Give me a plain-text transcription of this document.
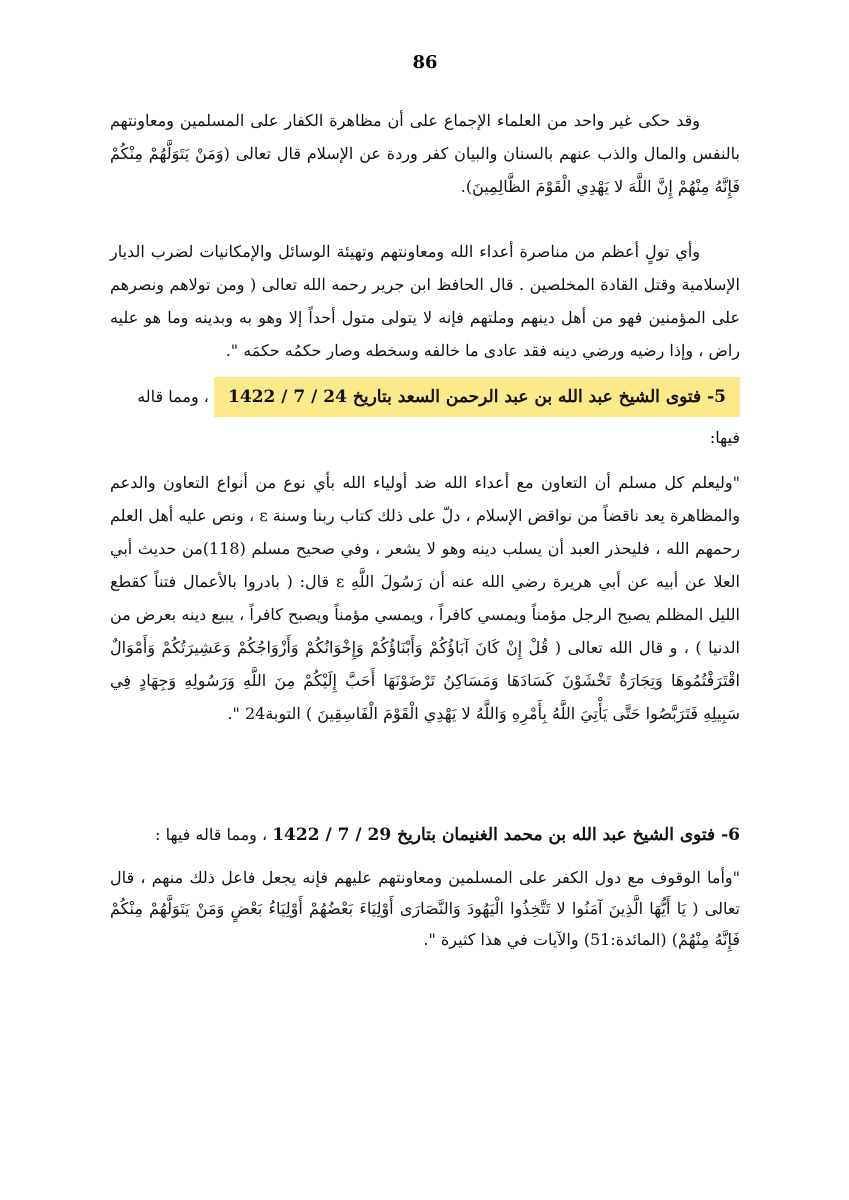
86

وقد حكى غير واحد من العلماء الإجماع على أن مظاهرة الكفار على المسلمين ومعاونتهم بالنفس والمال والذب عنهم بالسنان والبيان كفر وردة عن الإسلام قال تعالى (وَمَنْ يَتَوَلَّهُمْ مِنْكُمْ فَإِنَّهُ مِنْهُمْ إِنَّ اللَّهَ لا يَهْدِي الْقَوْمَ الظَّالِمِينَ).

وأي تولٍ أعظم من مناصرة أعداء الله ومعاونتهم وتهيئة الوسائل والإمكانيات لضرب الديار الإسلامية وقتل القادة المخلصين . قال الحافظ ابن جرير رحمه الله تعالى ( ومن تولاهم ونصرهم على المؤمنين فهو من أهل دينهم وملتهم فإنه لا يتولى متول أحداً إلا وهو به وبدينه وما هو عليه راض ، وإذا رضيه ورضي دينه فقد عادى ما خالفه وسخطه وصار حكمُه حكمَه ".

5- فتوى الشيخ عبد الله بن عبد الرحمن السعد بتاريخ 24 / 7 / 1422 ، ومما قاله
فيها:

"وليعلم كل مسلم أن التعاون مع أعداء الله ضد أولياء الله بأي نوع من أنواع التعاون والدعم والمظاهرة يعد ناقضاً من نواقض الإسلام ، دلّ على ذلك كتاب ربنا وسنة ε ، ونص عليه أهل العلم رحمهم الله ، فليحذر العبد أن يسلب دينه وهو لا يشعر ، وفي صحيح مسلم (118)من حديث أبي العلا عن أبيه عن أبي هريرة رضي الله عنه أن رَسُولَ اللَّهِ ε قال: ( بادروا بالأعمال فتناً كقطع الليل المظلم يصبح الرجل مؤمناً ويمسي كافراً ، ويمسي مؤمناً ويصبح كافراً ، يبيع دينه بعرض من الدنيا ) ، و قال الله تعالى ( قُلْ إِنْ كَانَ آبَاؤُكُمْ وَأَبْنَاؤُكُمْ وَإِخْوَانُكُمْ وَأَزْوَاجُكُمْ وَعَشِيرَتُكُمْ وَأَمْوَالٌ اقْتَرَفْتُمُوهَا وَتِجَارَةٌ تَخْشَوْنَ كَسَادَهَا وَمَسَاكِنُ تَرْضَوْنَهَا أَحَبَّ إِلَيْكُمْ مِنَ اللَّهِ وَرَسُولِهِ وَجِهَادٍ فِي سَبِيلِهِ فَتَرَبَّصُوا حَتَّى يَأْتِيَ اللَّهُ بِأَمْرِهِ وَاللَّهُ لا يَهْدِي الْقَوْمَ الْفَاسِقِينَ ) التوبة24 ".

6- فتوى الشيخ عبد الله بن محمد الغنيمان بتاريخ 29 / 7 / 1422 ، ومما قاله فيها :

"وأما الوقوف مع دول الكفر على المسلمين ومعاونتهم عليهم فإنه يجعل فاعل ذلك منهم ، قال تعالى ( يَا أَيُّهَا الَّذِينَ آمَنُوا لا تَتَّخِذُوا الْيَهُودَ وَالنَّصَارَى أَوْلِيَاءَ بَعْضُهُمْ أَوْلِيَاءُ بَعْضٍ وَمَنْ يَتَوَلَّهُمْ مِنْكُمْ فَإِنَّهُ مِنْهُمْ) (المائدة:51) والآيات في هذا كثيرة ".
